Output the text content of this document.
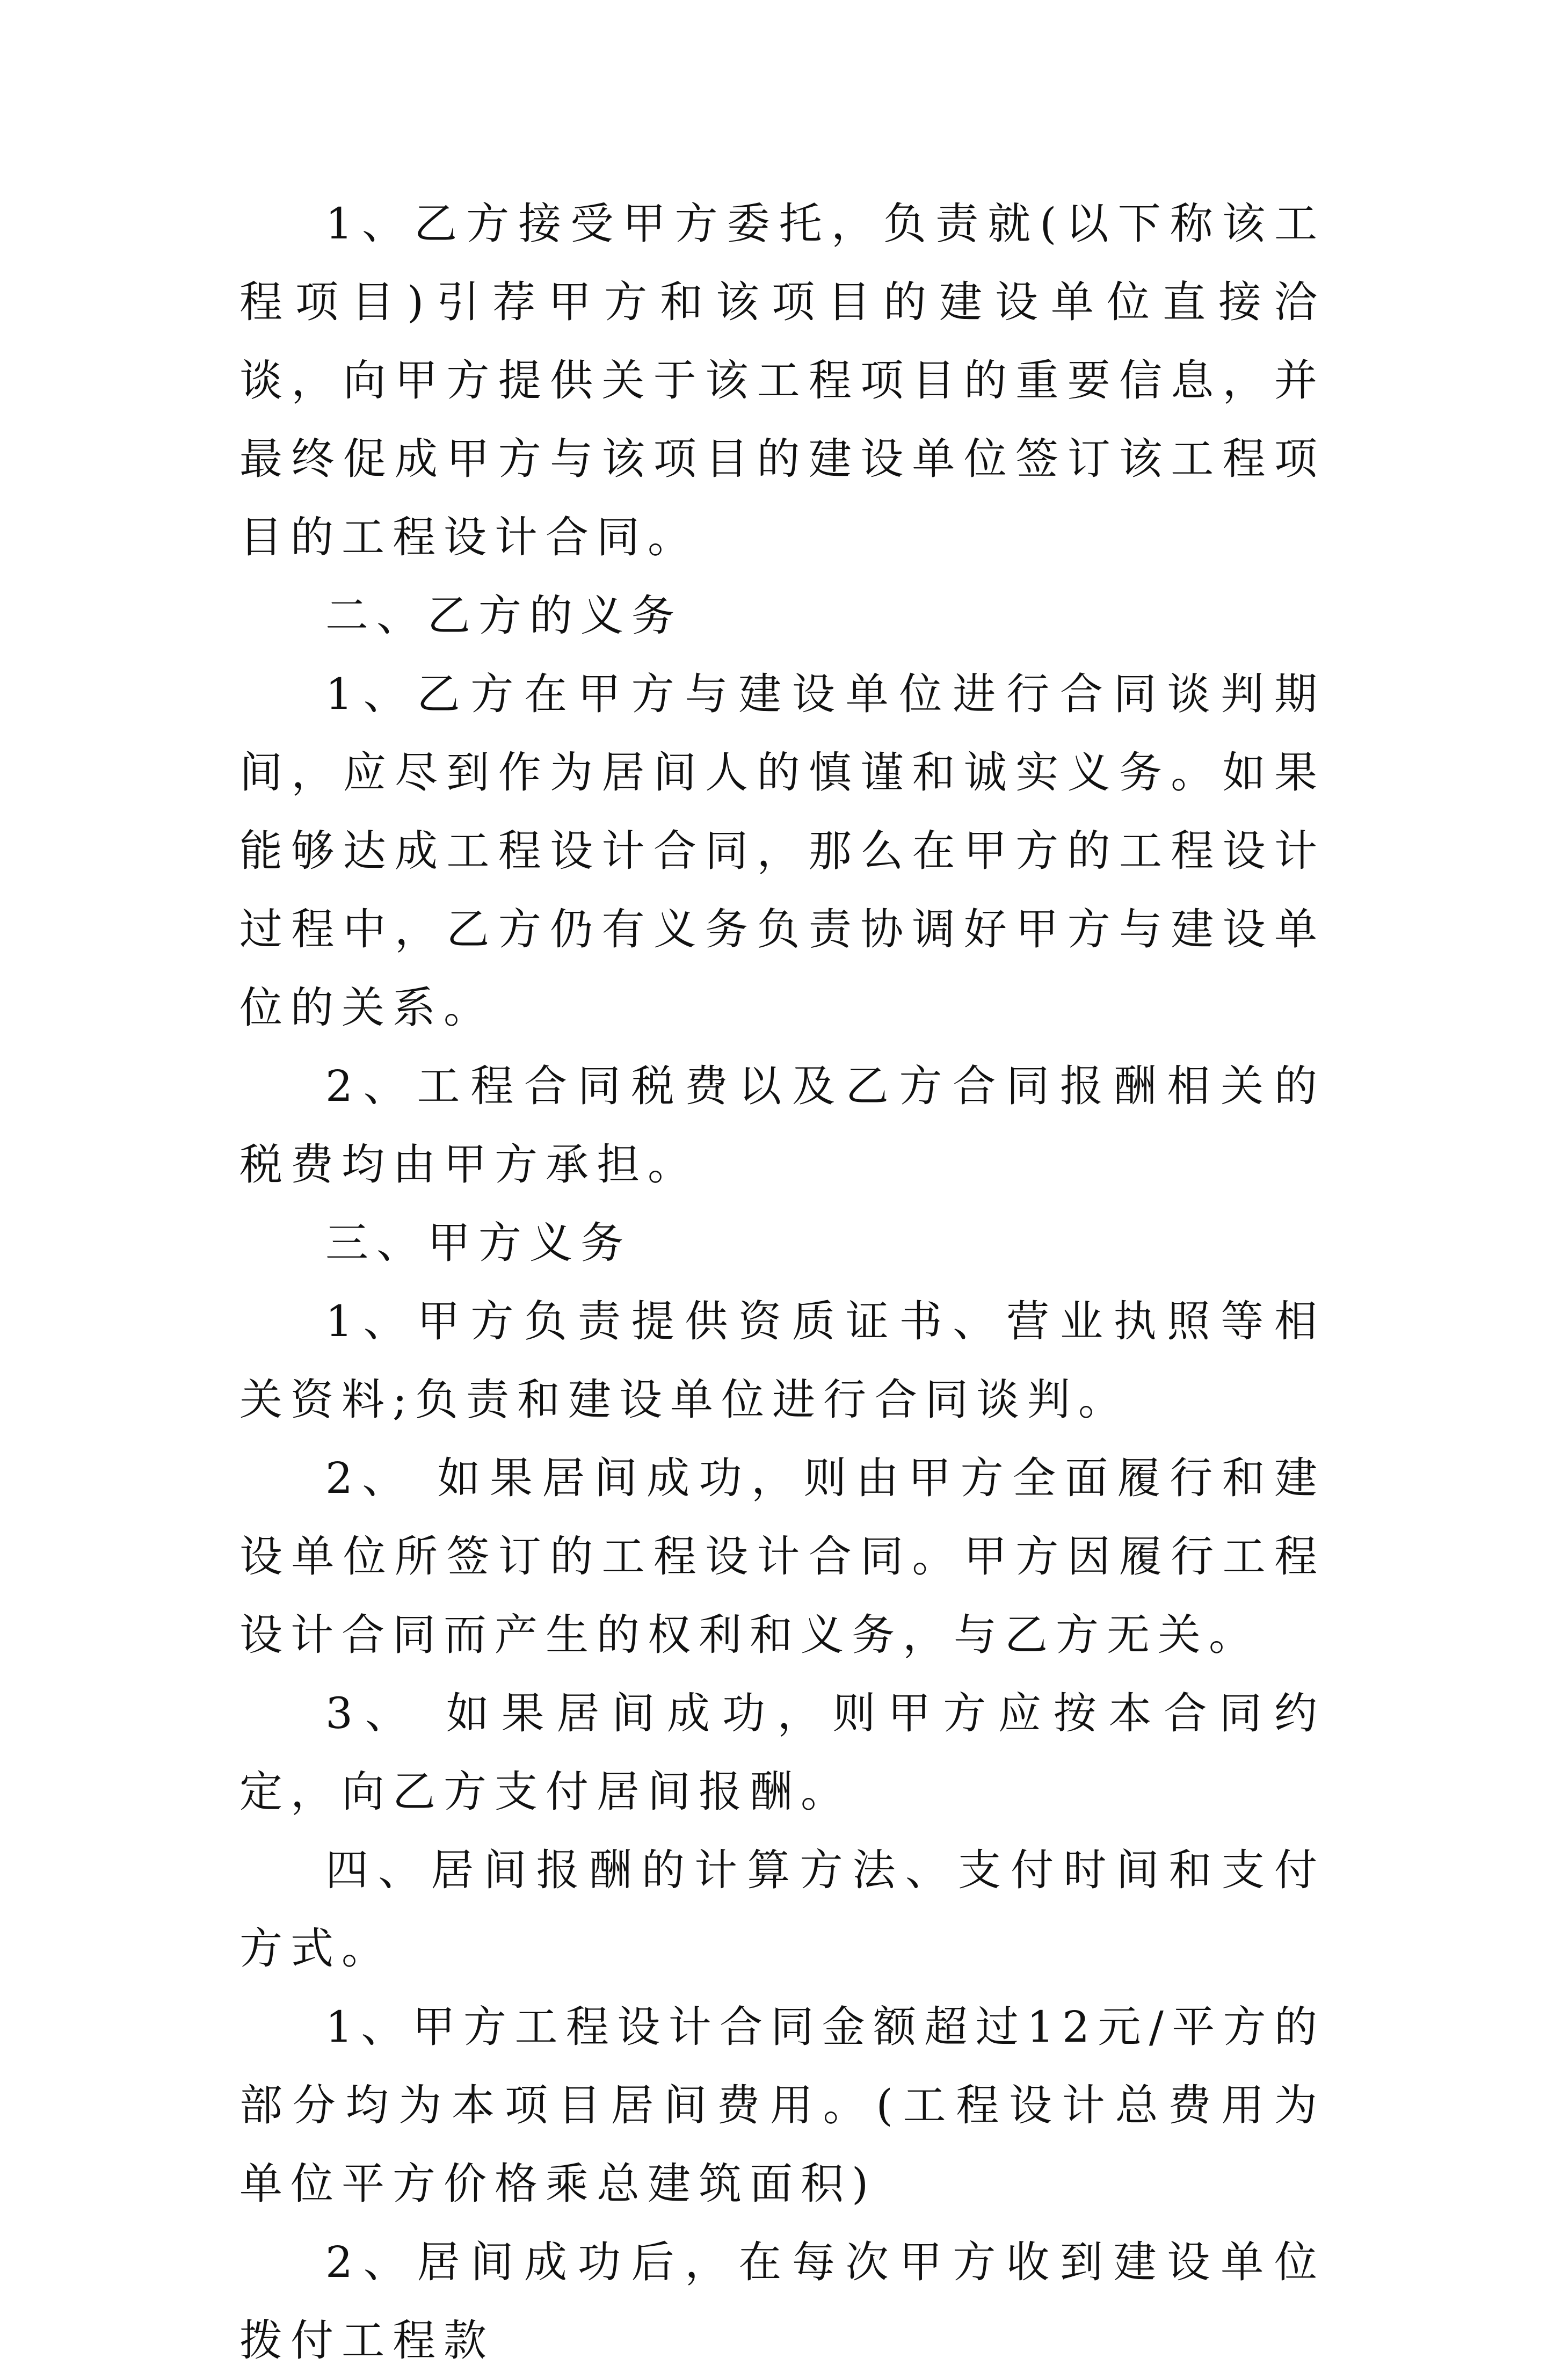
1、乙方接受甲方委托，负责就(以下称该工程项目)引荐甲方和该项目的建设单位直接洽谈，向甲方提供关于该工程项目的重要信息，并最终促成甲方与该项目的建设单位签订该工程项目的工程设计合同。

二、乙方的义务

1、乙方在甲方与建设单位进行合同谈判期间，应尽到作为居间人的慎谨和诚实义务。如果能够达成工程设计合同，那么在甲方的工程设计过程中，乙方仍有义务负责协调好甲方与建设单位的关系。

2、工程合同税费以及乙方合同报酬相关的税费均由甲方承担。

三、甲方义务

1、甲方负责提供资质证书、营业执照等相关资料;负责和建设单位进行合同谈判。

2、 如果居间成功，则由甲方全面履行和建设单位所签订的工程设计合同。甲方因履行工程设计合同而产生的权利和义务，与乙方无关。

3、 如果居间成功，则甲方应按本合同约定，向乙方支付居间报酬。

四、居间报酬的计算方法、支付时间和支付方式。

1、甲方工程设计合同金额超过12元/平方的部分均为本项目居间费用。(工程设计总费用为单位平方价格乘总建筑面积)

2、居间成功后，在每次甲方收到建设单位拨付工程款
